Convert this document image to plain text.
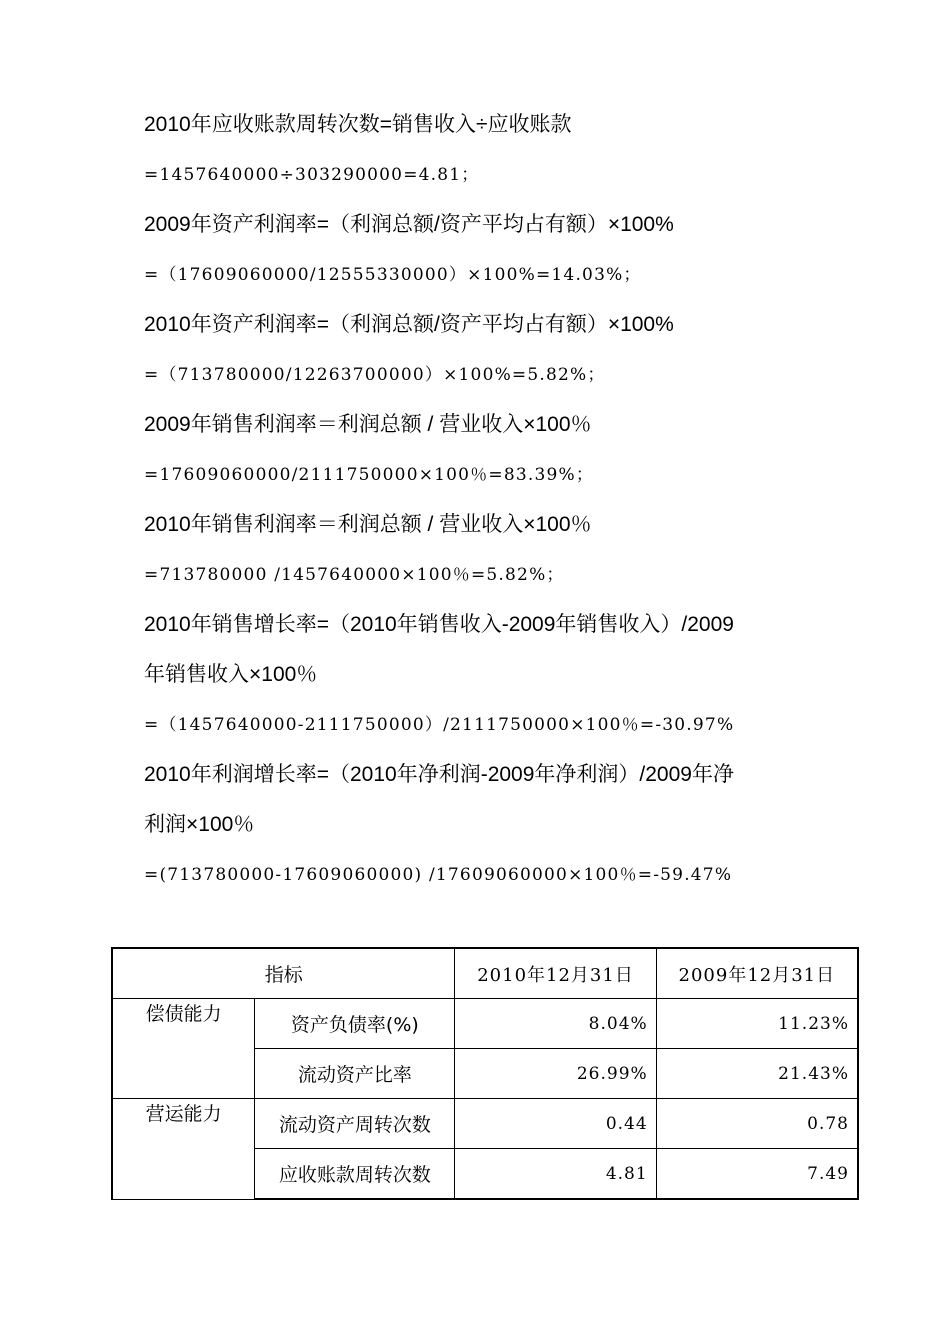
2010年应收账款周转次数=销售收入÷应收账款
=1457640000÷303290000=4.81；
2009年资产利润率=（利润总额/资产平均占有额）×100%
=（17609060000/12555330000）×100%=14.03%；
2010年资产利润率=（利润总额/资产平均占有额）×100%
=（713780000/12263700000）×100%=5.82%；
2009年销售利润率＝利润总额 / 营业收入×100％
=17609060000/2111750000×100％=83.39%；
2010年销售利润率＝利润总额 / 营业收入×100％
=713780000 /1457640000×100％=5.82%；
2010年销售增长率=（2010年销售收入-2009年销售收入）/2009
年销售收入×100％
=（1457640000-2111750000）/2111750000×100％=-30.97%
2010年利润增长率=（2010年净利润-2009年净利润）/2009年净
利润×100％
=(713780000-17609060000) /17609060000×100％=-59.47%
指标		2010年12月31日	2009年12月31日
偿债能力	资产负债率(%)	8.04%	11.23%
	流动资产比率	26.99%	21.43%
营运能力	流动资产周转次数	0.44	0.78
	应收账款周转次数	4.81	7.49
